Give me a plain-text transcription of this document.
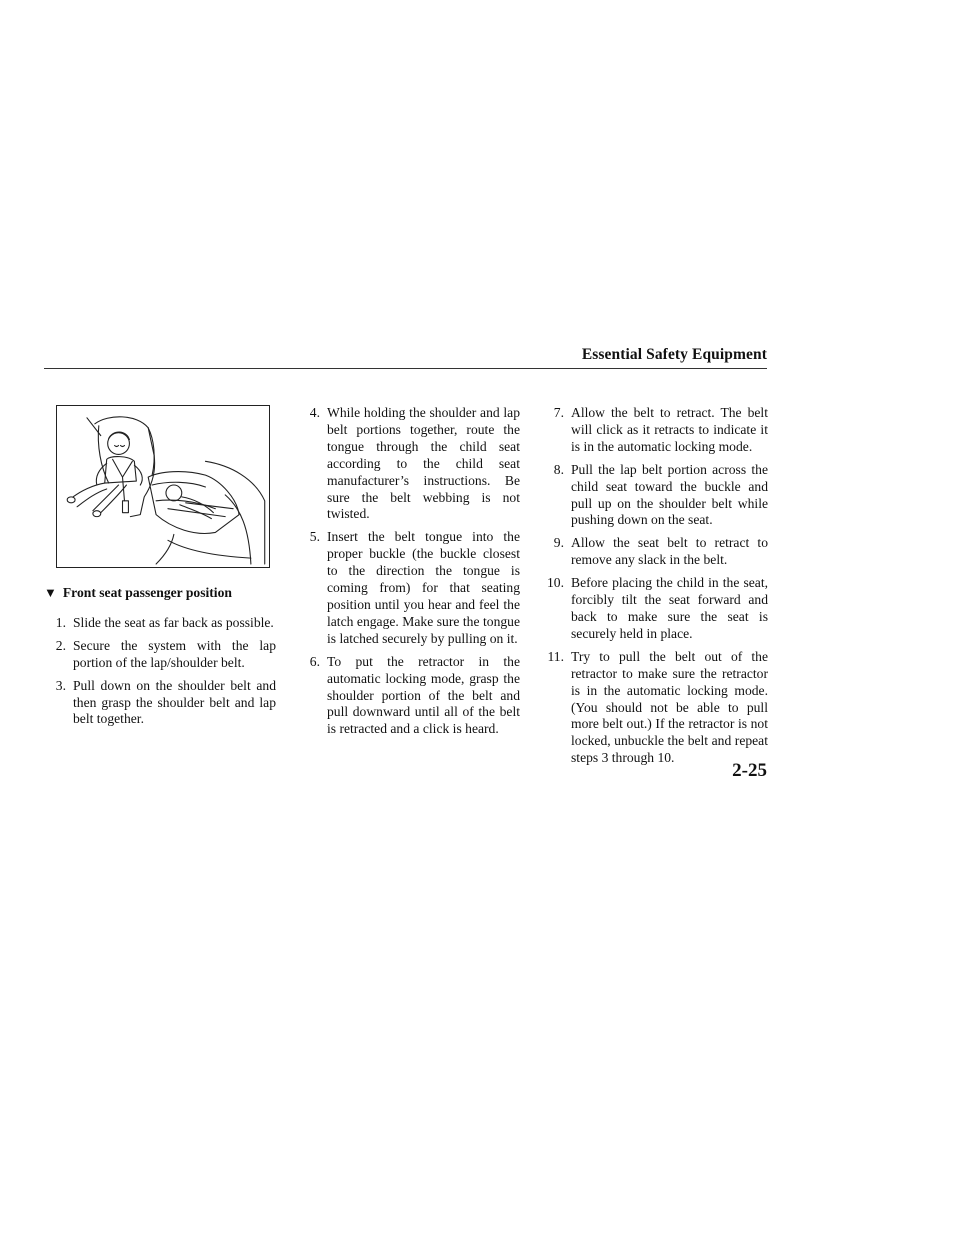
Essential Safety Equipment
▼ Front seat passenger position
1. Slide the seat as far back as possible.
2. Secure the system with the lap portion of the lap/shoulder belt.
3. Pull down on the shoulder belt and then grasp the shoulder belt and lap belt together.
4. While holding the shoulder and lap belt portions together, route the tongue through the child seat according to the child seat manufacturer’s instructions. Be sure the belt webbing is not twisted.
5. Insert the belt tongue into the proper buckle (the buckle closest to the direction the tongue is coming from) for that seating position until you hear and feel the latch engage. Make sure the tongue is latched securely by pulling on it.
6. To put the retractor in the automatic locking mode, grasp the shoulder portion of the belt and pull downward until all of the belt is retracted and a click is heard.
7. Allow the belt to retract. The belt will click as it retracts to indicate it is in the automatic locking mode.
8. Pull the lap belt portion across the child seat toward the buckle and pull up on the shoulder belt while pushing down on the seat.
9. Allow the seat belt to retract to remove any slack in the belt.
10. Before placing the child in the seat, forcibly tilt the seat forward and back to make sure the seat is securely held in place.
11. Try to pull the belt out of the retractor to make sure the retractor is in the automatic locking mode. (You should not be able to pull more belt out.) If the retractor is not locked, unbuckle the belt and repeat steps 3 through 10.
2-25
